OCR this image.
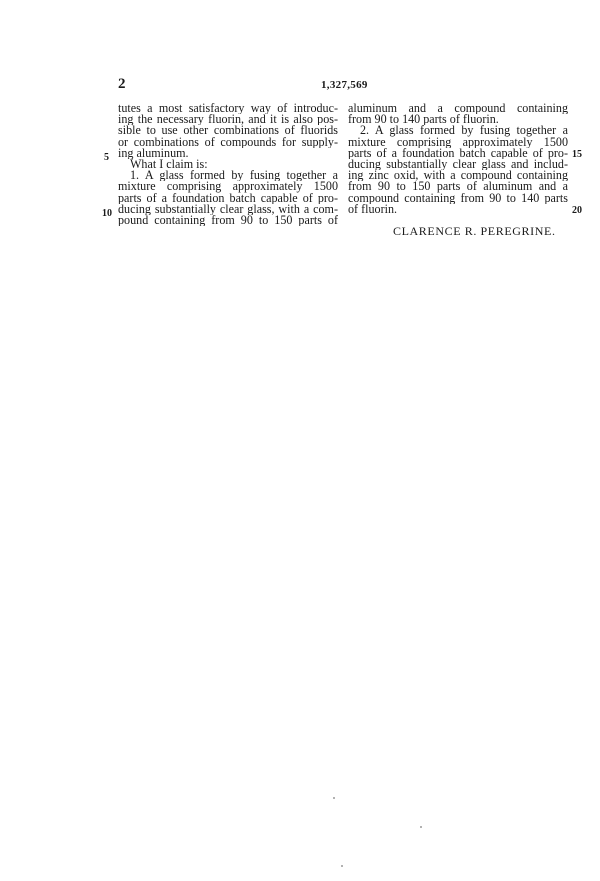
2	1,327,569
tutes a most satisfactory way of introduc-
ing the necessary fluorin, and it is also pos-
sible to use other combinations of fluorids
or combinations of compounds for supply-
ing aluminum.
What I claim is:
1. A glass formed by fusing together a
mixture comprising approximately 1500
parts of a foundation batch capable of pro-
ducing substantially clear glass, with a com-
pound containing from 90 to 150 parts of
aluminum and a compound containing
from 90 to 140 parts of fluorin.
2. A glass formed by fusing together a
mixture comprising approximately 1500
parts of a foundation batch capable of pro-
ducing substantially clear glass and includ-
ing zinc oxid, with a compound containing
from 90 to 150 parts of aluminum and a
compound containing from 90 to 140 parts
of fluorin.
5
10
15
20
CLARENCE R. PEREGRINE.
